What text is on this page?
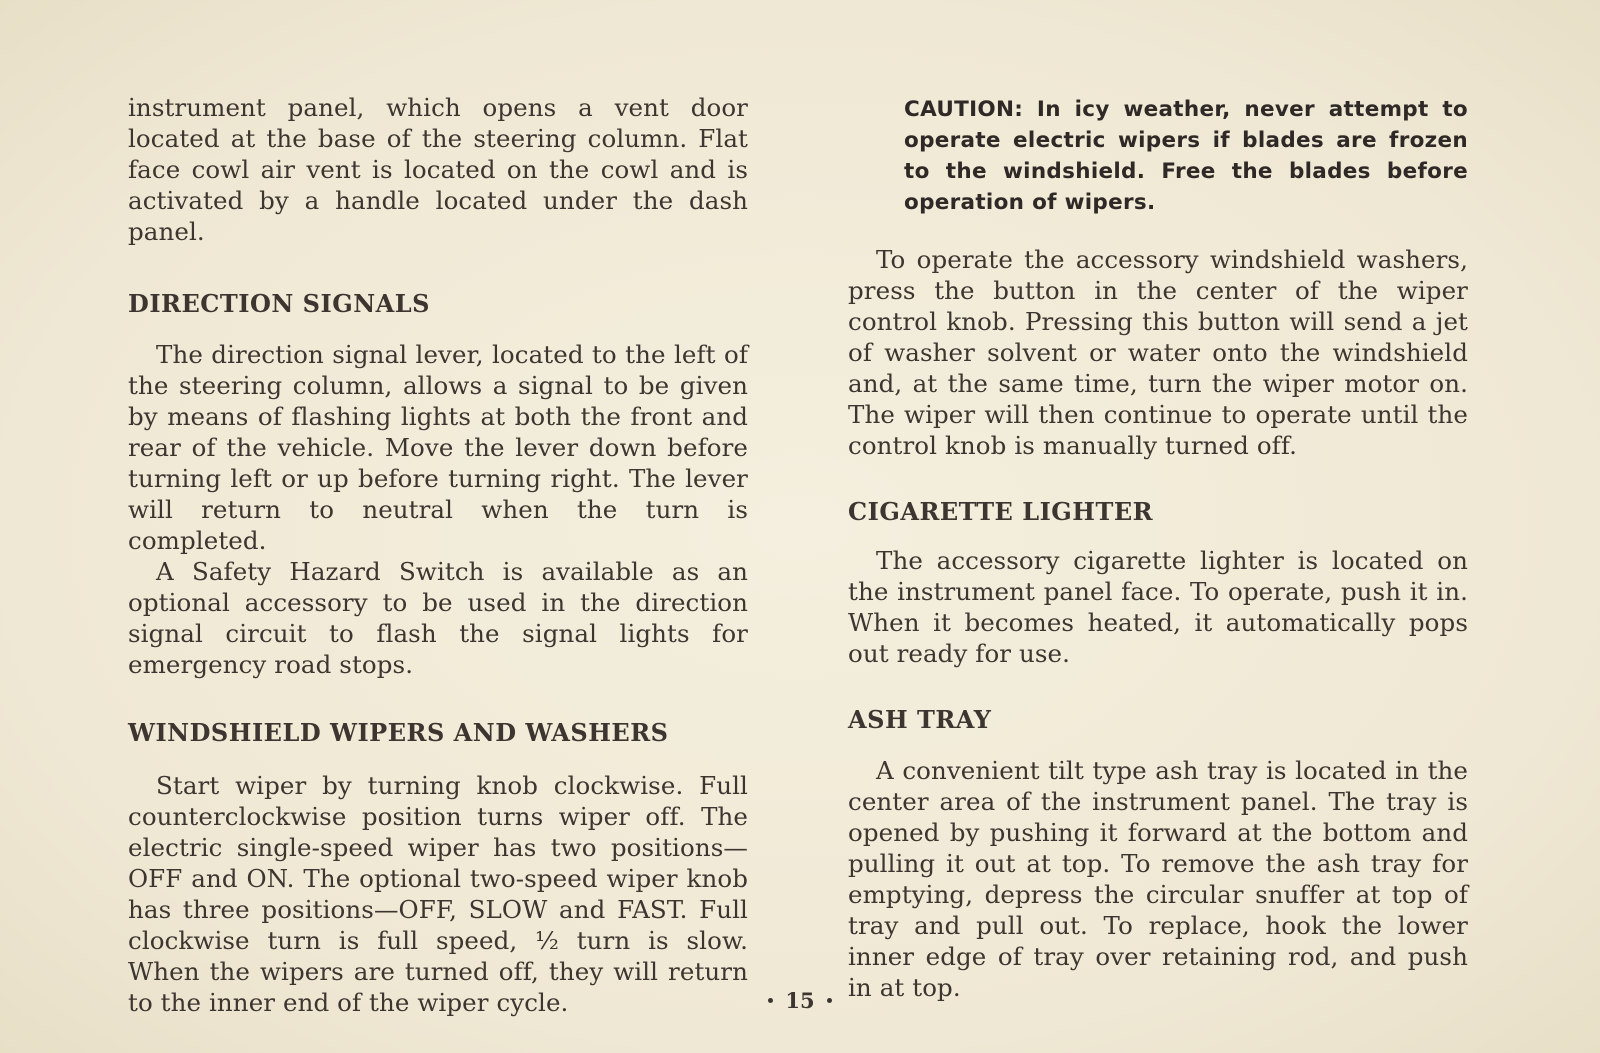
instrument panel, which opens a vent door located at the base of the steering column. Flat face cowl air vent is located on the cowl and is activated by a handle located under the dash panel.

DIRECTION SIGNALS

The direction signal lever, located to the left of the steering column, allows a signal to be given by means of flashing lights at both the front and rear of the vehicle. Move the lever down before turning left or up before turning right. The lever will return to neutral when the turn is completed.

A Safety Hazard Switch is available as an optional accessory to be used in the direction signal circuit to flash the signal lights for emergency road stops.

WINDSHIELD WIPERS AND WASHERS

Start wiper by turning knob clockwise. Full counterclockwise position turns wiper off. The electric single-speed wiper has two positions—OFF and ON. The optional two-speed wiper knob has three positions—OFF, SLOW and FAST. Full clockwise turn is full speed, ½ turn is slow. When the wipers are turned off, they will return to the inner end of the wiper cycle.

CAUTION: In icy weather, never attempt to operate electric wipers if blades are frozen to the windshield. Free the blades before operation of wipers.

To operate the accessory windshield washers, press the button in the center of the wiper control knob. Pressing this button will send a jet of washer solvent or water onto the windshield and, at the same time, turn the wiper motor on. The wiper will then continue to operate until the control knob is manually turned off.

CIGARETTE LIGHTER

The accessory cigarette lighter is located on the instrument panel face. To operate, push it in. When it becomes heated, it automatically pops out ready for use.

ASH TRAY

A convenient tilt type ash tray is located in the center area of the instrument panel. The tray is opened by pushing it forward at the bottom and pulling it out at top. To remove the ash tray for emptying, depress the circular snuffer at top of tray and pull out. To replace, hook the lower inner edge of tray over retaining rod, and push in at top.

15
